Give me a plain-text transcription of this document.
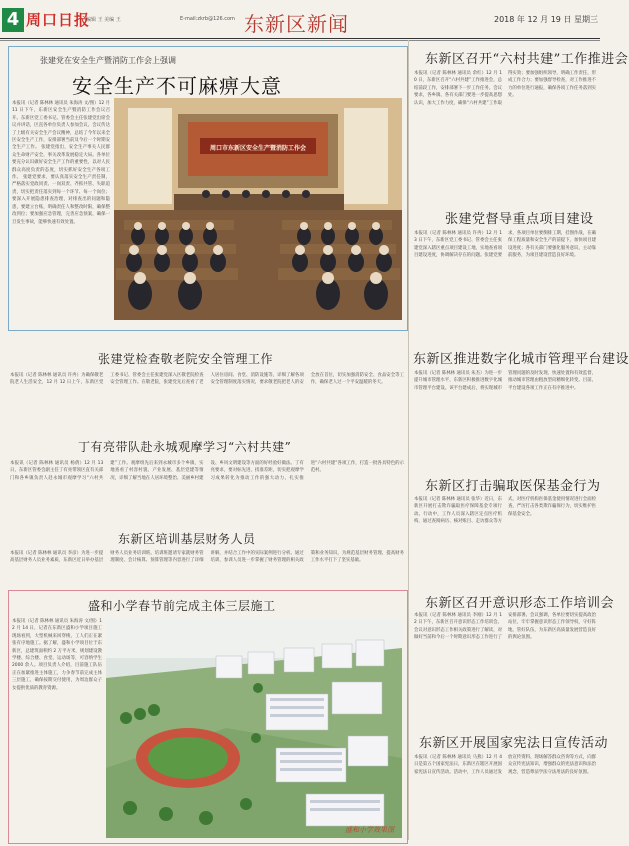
4 周口日报
编辑 王 美编 王	E-mail:zkrb@126.com 东新区新闻	2018 年 12 月 19 日 星期三
张建党在安全生产暨消防工作会上强调
安全生产不可麻痹大意
本报讯（记者 陈林林 通讯员 朱海涛 文/图）12 月 11 日下午，东新区安全生产暨消防工作会议召开。东新区党工委书记、管委会主任张建党出席会议并讲话，区直各单位负责人参加会议。会议传达了上级有关安全生产会议精神，总结了今年以来全区安全生产工作，安排部署当前及今后一个时期安全生产工作。 张建党指出，安全生产事关人民群众生命财产安全，事关改革发展稳定大局。各单位要充分认识做好安全生产工作的重要性，以对人民群众高度负责的态度，切实抓好安全生产各项工作。 张建党要求，要认真落实安全生产责任制，严格落实党政同责、一岗双责、齐抓共管、失职追责，切实把责任落实到每一个环节、每一个岗位；要深入开展隐患排查治理，对排查出的问题和隐患，要建立台账，明确责任人和整改时限，确保整改到位；要加强应急管理，完善应急预案，确保一旦发生事故，能够快速有效处置。
周口市东新区安全生产暨消防工作会
张建党检查敬老院安全管理工作
本报讯（记者 陈林林 通讯员 许冉）为确保敬老院老人生活安全，12 月 12 日上午，东新区党工委书记、管委会主任张建党深入区敬老院检查安全管理工作。在敬老院，张建党先后查看了老人居住房间、食堂、消防设施等，详细了解各项安全管理制度落实情况，要求敬老院把老人的安全放在首位，切实加强消防安全、食品安全等工作，确保老人过一个平安温暖的冬天。
丁有亮带队赴永城观摩学习“六村共建”
本报讯（记者 陈林林 通讯员 杨倩）12 月 13 日，东新区管委会副主任丁有亮带领区直有关部门和各乡镇负责人赴永城市观摩学习“六村共建”工作。观摩组先后来到永城市多个乡镇，实地查看了村容村貌、产业发展、基层党建等情况，详细了解当地在人居环境整治、美丽乡村建设、乡风文明建设等方面的好经验好做法。丁有亮要求，要对标先进，找准差距，切实把观摩学习成果转化为推动工作的强大动力，扎实推进“六村共建”各项工作，打造一批各具特色的示范村。
东新区培训基层财务人员
本报讯（记者 陈林林 通讯员 李彦）为进一步提高基层财务人员业务素质，东新区近日举办基层财务人员业务培训班。培训班邀请专家就财务管理制度、会计核算、预算管理等内容进行了详细讲解，并结合工作中的实际案例进行分析。通过培训，参训人员进一步掌握了财务管理的相关政策和业务知识，为规范基层财务管理、提高财务工作水平打下了坚实基础。
盛和小学春节前完成主体三层施工
本报讯（记者 陈林林 通讯员 朱海涛 文/图）12 月 14 日，记者在东新区盛和小学项目施工现场看到，大型机械来回穿梭，工人们正在紧张有序地施工。据了解，盛和小学项目位于东新区，总建筑面积约 2 万平方米，规划建设教学楼、综合楼、食堂、运动场等，可容纳学生 2000 余人。项目负责人介绍，目前施工队伍正在加紧推进主体施工，力争春节前完成主体三层施工，确保按期交付使用，为周边群众子女提供优质的教育资源。
盛和小学效果图
东新区召开“六村共建”工作推进会
本报讯（记者 陈林林 通讯员 余红）12 月 10 日，东新区召开“六村共建”工作推进会，总结前段工作，安排部署下一步工作任务。会议要求，各乡镇、各有关部门要进一步提高思想认识，加大工作力度，确保“六村共建”工作取得实效；要加强组织领导，明确工作责任，形成工作合力；要加强督导检查，对工作推进不力的单位进行通报，确保各项工作任务落到实处。
张建党督导重点项目建设
本报讯（记者 陈林林 通讯员 许冉）12 月 13 日下午，东新区党工委书记、管委会主任张建党深入辖区重点项目建设工地，实地查看项目建设进度，协调解决存在的问题。张建党要求，各项目单位要倒排工期，挂图作战，在确保工程质量和安全生产的前提下，加快项目建设进度；各有关部门要强化服务意识，主动靠前服务，为项目建设营造良好环境。
东新区推进数字化城市管理平台建设
本报讯（记者 陈林林 通讯员 朱杰）为进一步提升城市管理水平，东新区积极推进数字化城市管理平台建设。该平台建成后，将实现城市管理问题的及时发现、快速处置和有效监督，推动城市管理由粗放型向精细化转变。目前，平台建设各项工作正在有序推进中。
东新区打击骗取医保基金行为
本报讯（记者 陈林林 通讯员 张华）近日，东新区开展打击欺诈骗取医疗保障基金专项行动。行动中，工作人员深入辖区定点医疗机构，通过查阅病历、核对账目、走访群众等方式，对医疗机构医保基金使用情况进行全面检查，严厉打击各类欺诈骗保行为，切实维护医保基金安全。
东新区召开意识形态工作培训会
本报讯（记者 陈林林 通讯员 李刚）12 月 12 日下午，东新区召开意识形态工作培训会。会议对意识形态工作相关政策进行了解读，对做好当前和今后一个时期意识形态工作进行了安排部署。会议强调，各单位要切实提高政治站位，牢牢掌握意识形态工作领导权，守好阵地，管好队伍，为东新区高质量发展营造良好的舆论氛围。
东新区开展国家宪法日宣传活动
本报讯（记者 陈林林 通讯员 马燕）12 月 4 日是第五个国家宪法日，东新区在辖区开展国家宪法日宣传活动。活动中，工作人员通过发放宣传资料、现场解答群众咨询等方式，向群众宣传宪法知识，增强群众的宪法意识和法治观念，营造尊法学法守法用法的良好氛围。
